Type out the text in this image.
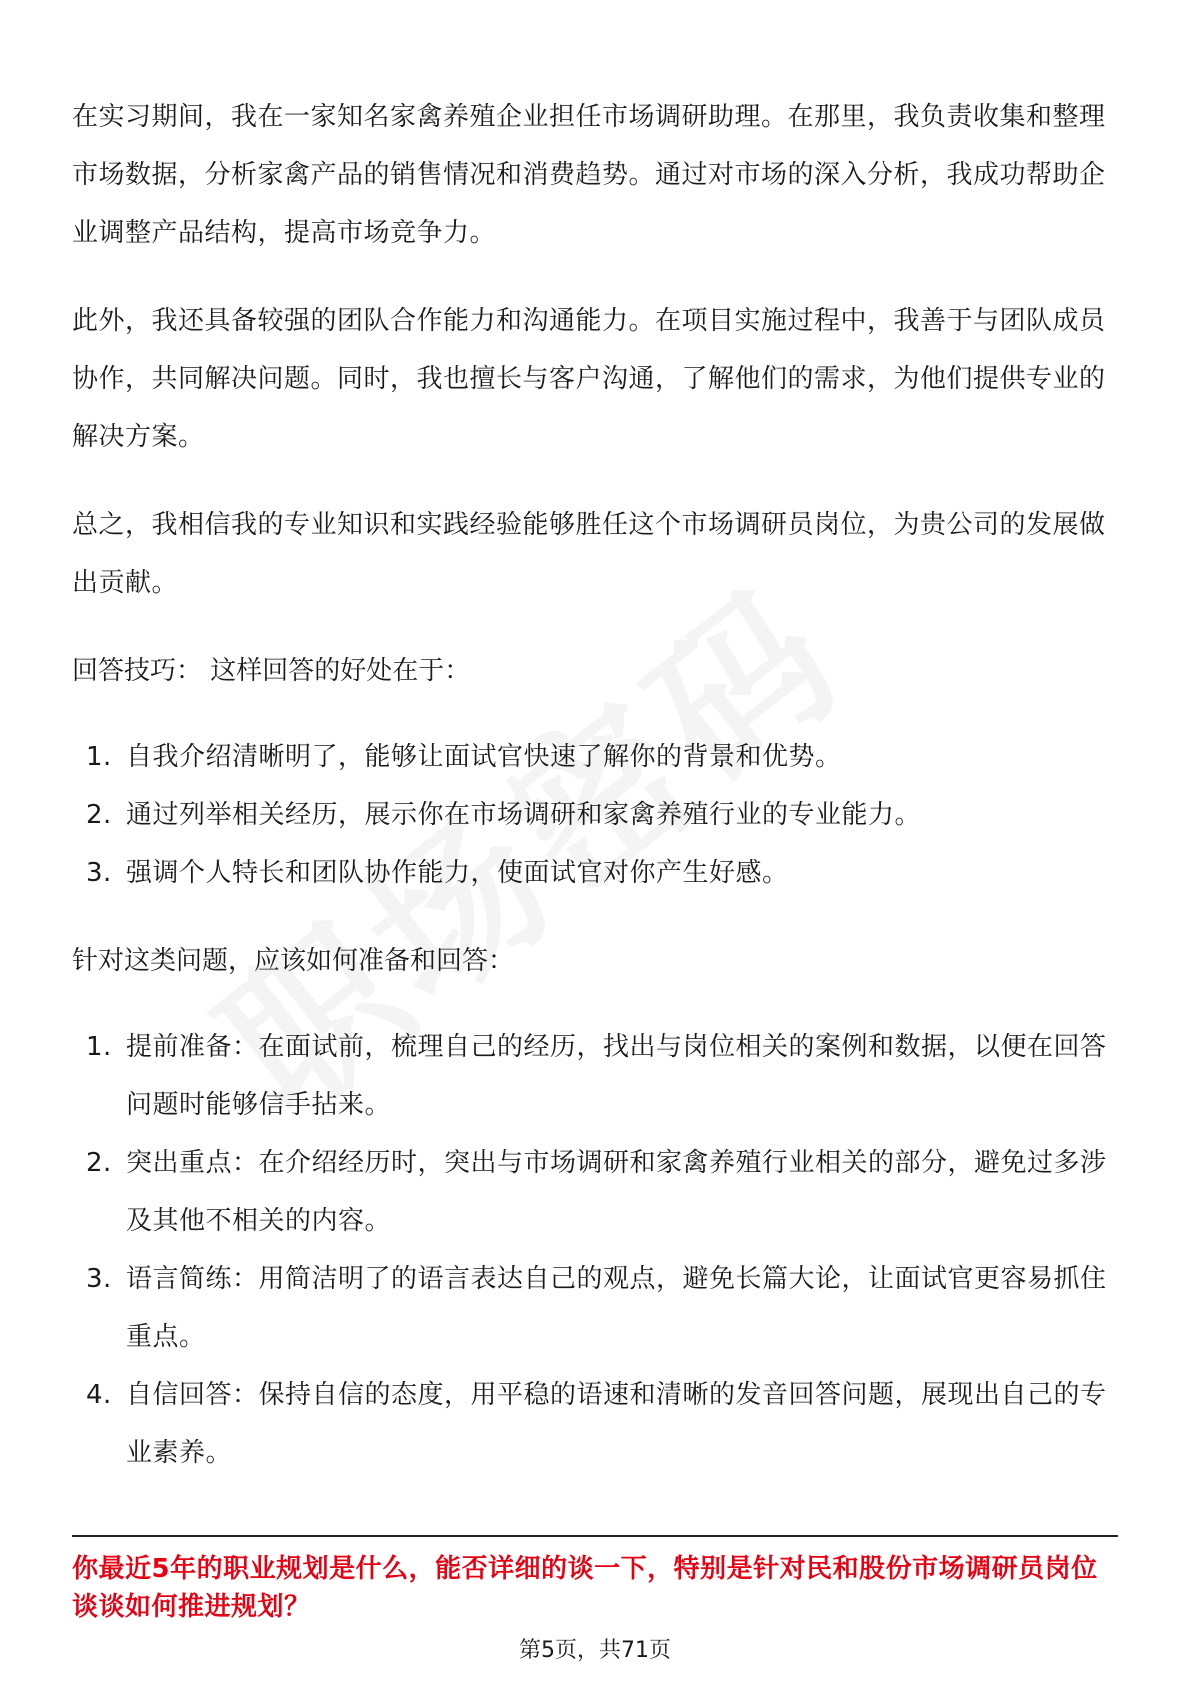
在实习期间，我在一家知名家禽养殖企业担任市场调研助理。在那里，我负责收集和整理市场数据，分析家禽产品的销售情况和消费趋势。通过对市场的深入分析，我成功帮助企业调整产品结构，提高市场竞争力。

此外，我还具备较强的团队合作能力和沟通能力。在项目实施过程中，我善于与团队成员协作，共同解决问题。同时，我也擅长与客户沟通，了解他们的需求，为他们提供专业的解决方案。

总之，我相信我的专业知识和实践经验能够胜任这个市场调研员岗位，为贵公司的发展做出贡献。

回答技巧： 这样回答的好处在于：

1. 自我介绍清晰明了，能够让面试官快速了解你的背景和优势。
2. 通过列举相关经历，展示你在市场调研和家禽养殖行业的专业能力。
3. 强调个人特长和团队协作能力，使面试官对你产生好感。

针对这类问题，应该如何准备和回答：

1. 提前准备：在面试前，梳理自己的经历，找出与岗位相关的案例和数据，以便在回答问题时能够信手拈来。
2. 突出重点：在介绍经历时，突出与市场调研和家禽养殖行业相关的部分，避免过多涉及其他不相关的内容。
3. 语言简练：用简洁明了的语言表达自己的观点，避免长篇大论，让面试官更容易抓住重点。
4. 自信回答：保持自信的态度，用平稳的语速和清晰的发音回答问题，展现出自己的专业素养。
你最近5年的职业规划是什么，能否详细的谈一下，特别是针对民和股份市场调研员岗位谈谈如何推进规划？
第5页，共71页
